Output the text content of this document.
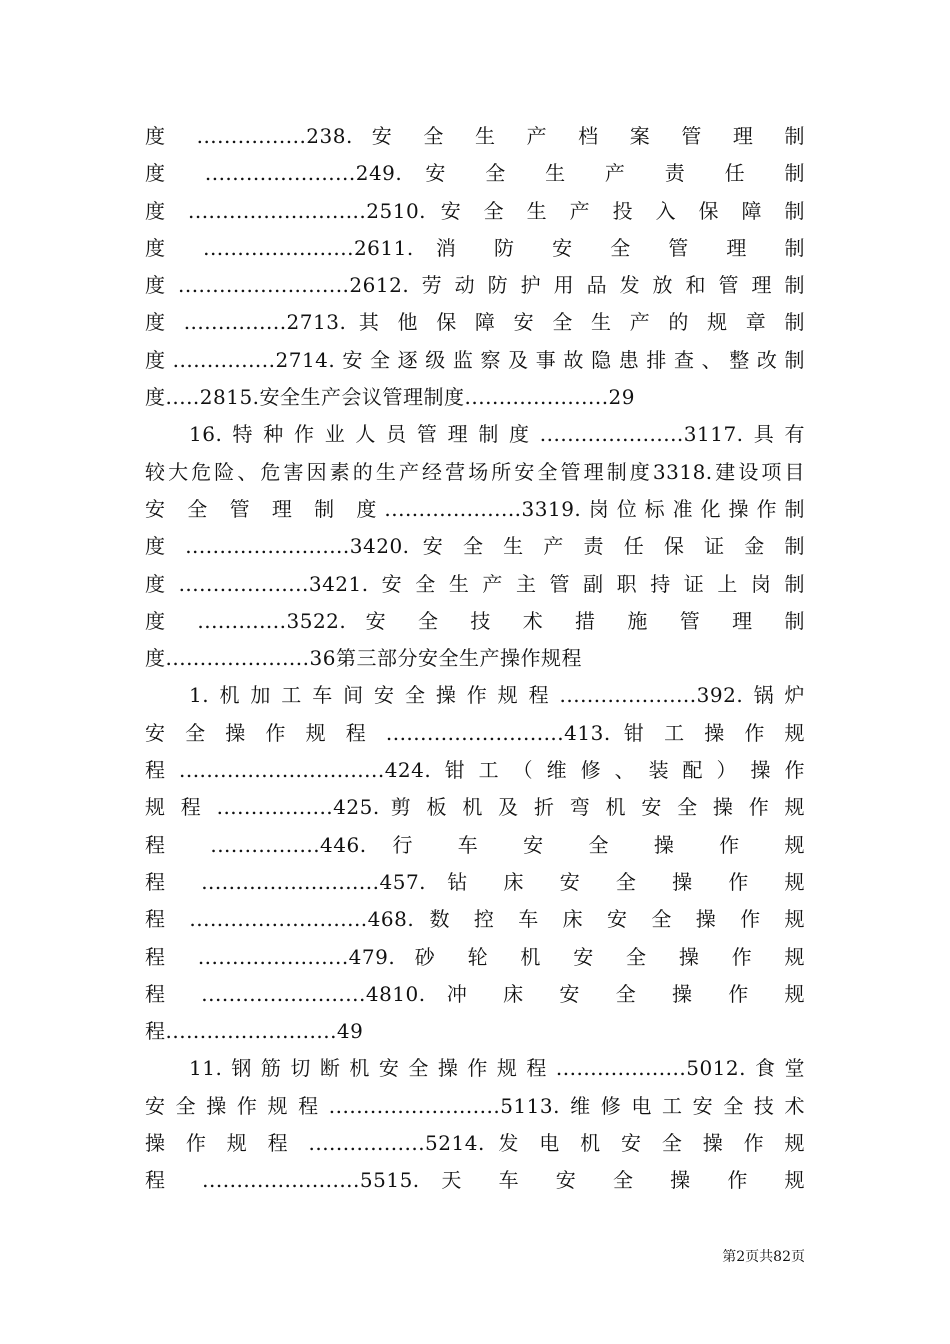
度 ................238. 安 全 生 产 档 案 管 理 制
度 ......................249. 安 全 生 产 责 任 制
度 ..........................2510. 安 全 生 产 投 入 保 障 制
度 ......................2611. 消 防 安 全 管 理 制
度.........................2612.劳动防护用品发放和管理制
度 ...............2713. 其 他 保 障 安 全 生 产 的 规 章 制
度...............2714.安全逐级监察及事故隐患排查、整改制
度.....2815.安全生产会议管理制度.....................29
16.特种作业人员管理制度.....................3117.具有
较大危险、危害因素的生产经营场所安全管理制度3318.建设项目
安 全 管 理 制 度....................3319.岗位标准化操作制
度 ........................3420. 安 全 生 产 责 任 保 证 金 制
度...................3421.安全生产主管副职持证上岗制
度 .............3522. 安 全 技 术 措 施 管 理 制
度.....................36第三部分安全生产操作规程
1.机加工车间安全操作规程....................392.锅炉
安 全 操 作 规 程 ..........................413. 钳 工 操 作 规
程..............................424.钳工（维修、装配）操作
规 程 .................425. 剪 板 机 及 折 弯 机 安 全 操 作 规
程 ................446. 行 车 安 全 操 作 规
程 ..........................457. 钻 床 安 全 操 作 规
程 ..........................468. 数 控 车 床 安 全 操 作 规
程 ......................479. 砂 轮 机 安 全 操 作 规
程 ........................4810. 冲 床 安 全 操 作 规
程.........................49
11.钢筋切断机安全操作规程...................5012.食堂
安全操作规程.........................5113.维修电工安全技术
操 作 规 程 .................5214. 发 电 机 安 全 操 作 规
程 .......................5515. 天 车 安 全 操 作 规
第2页共82页
